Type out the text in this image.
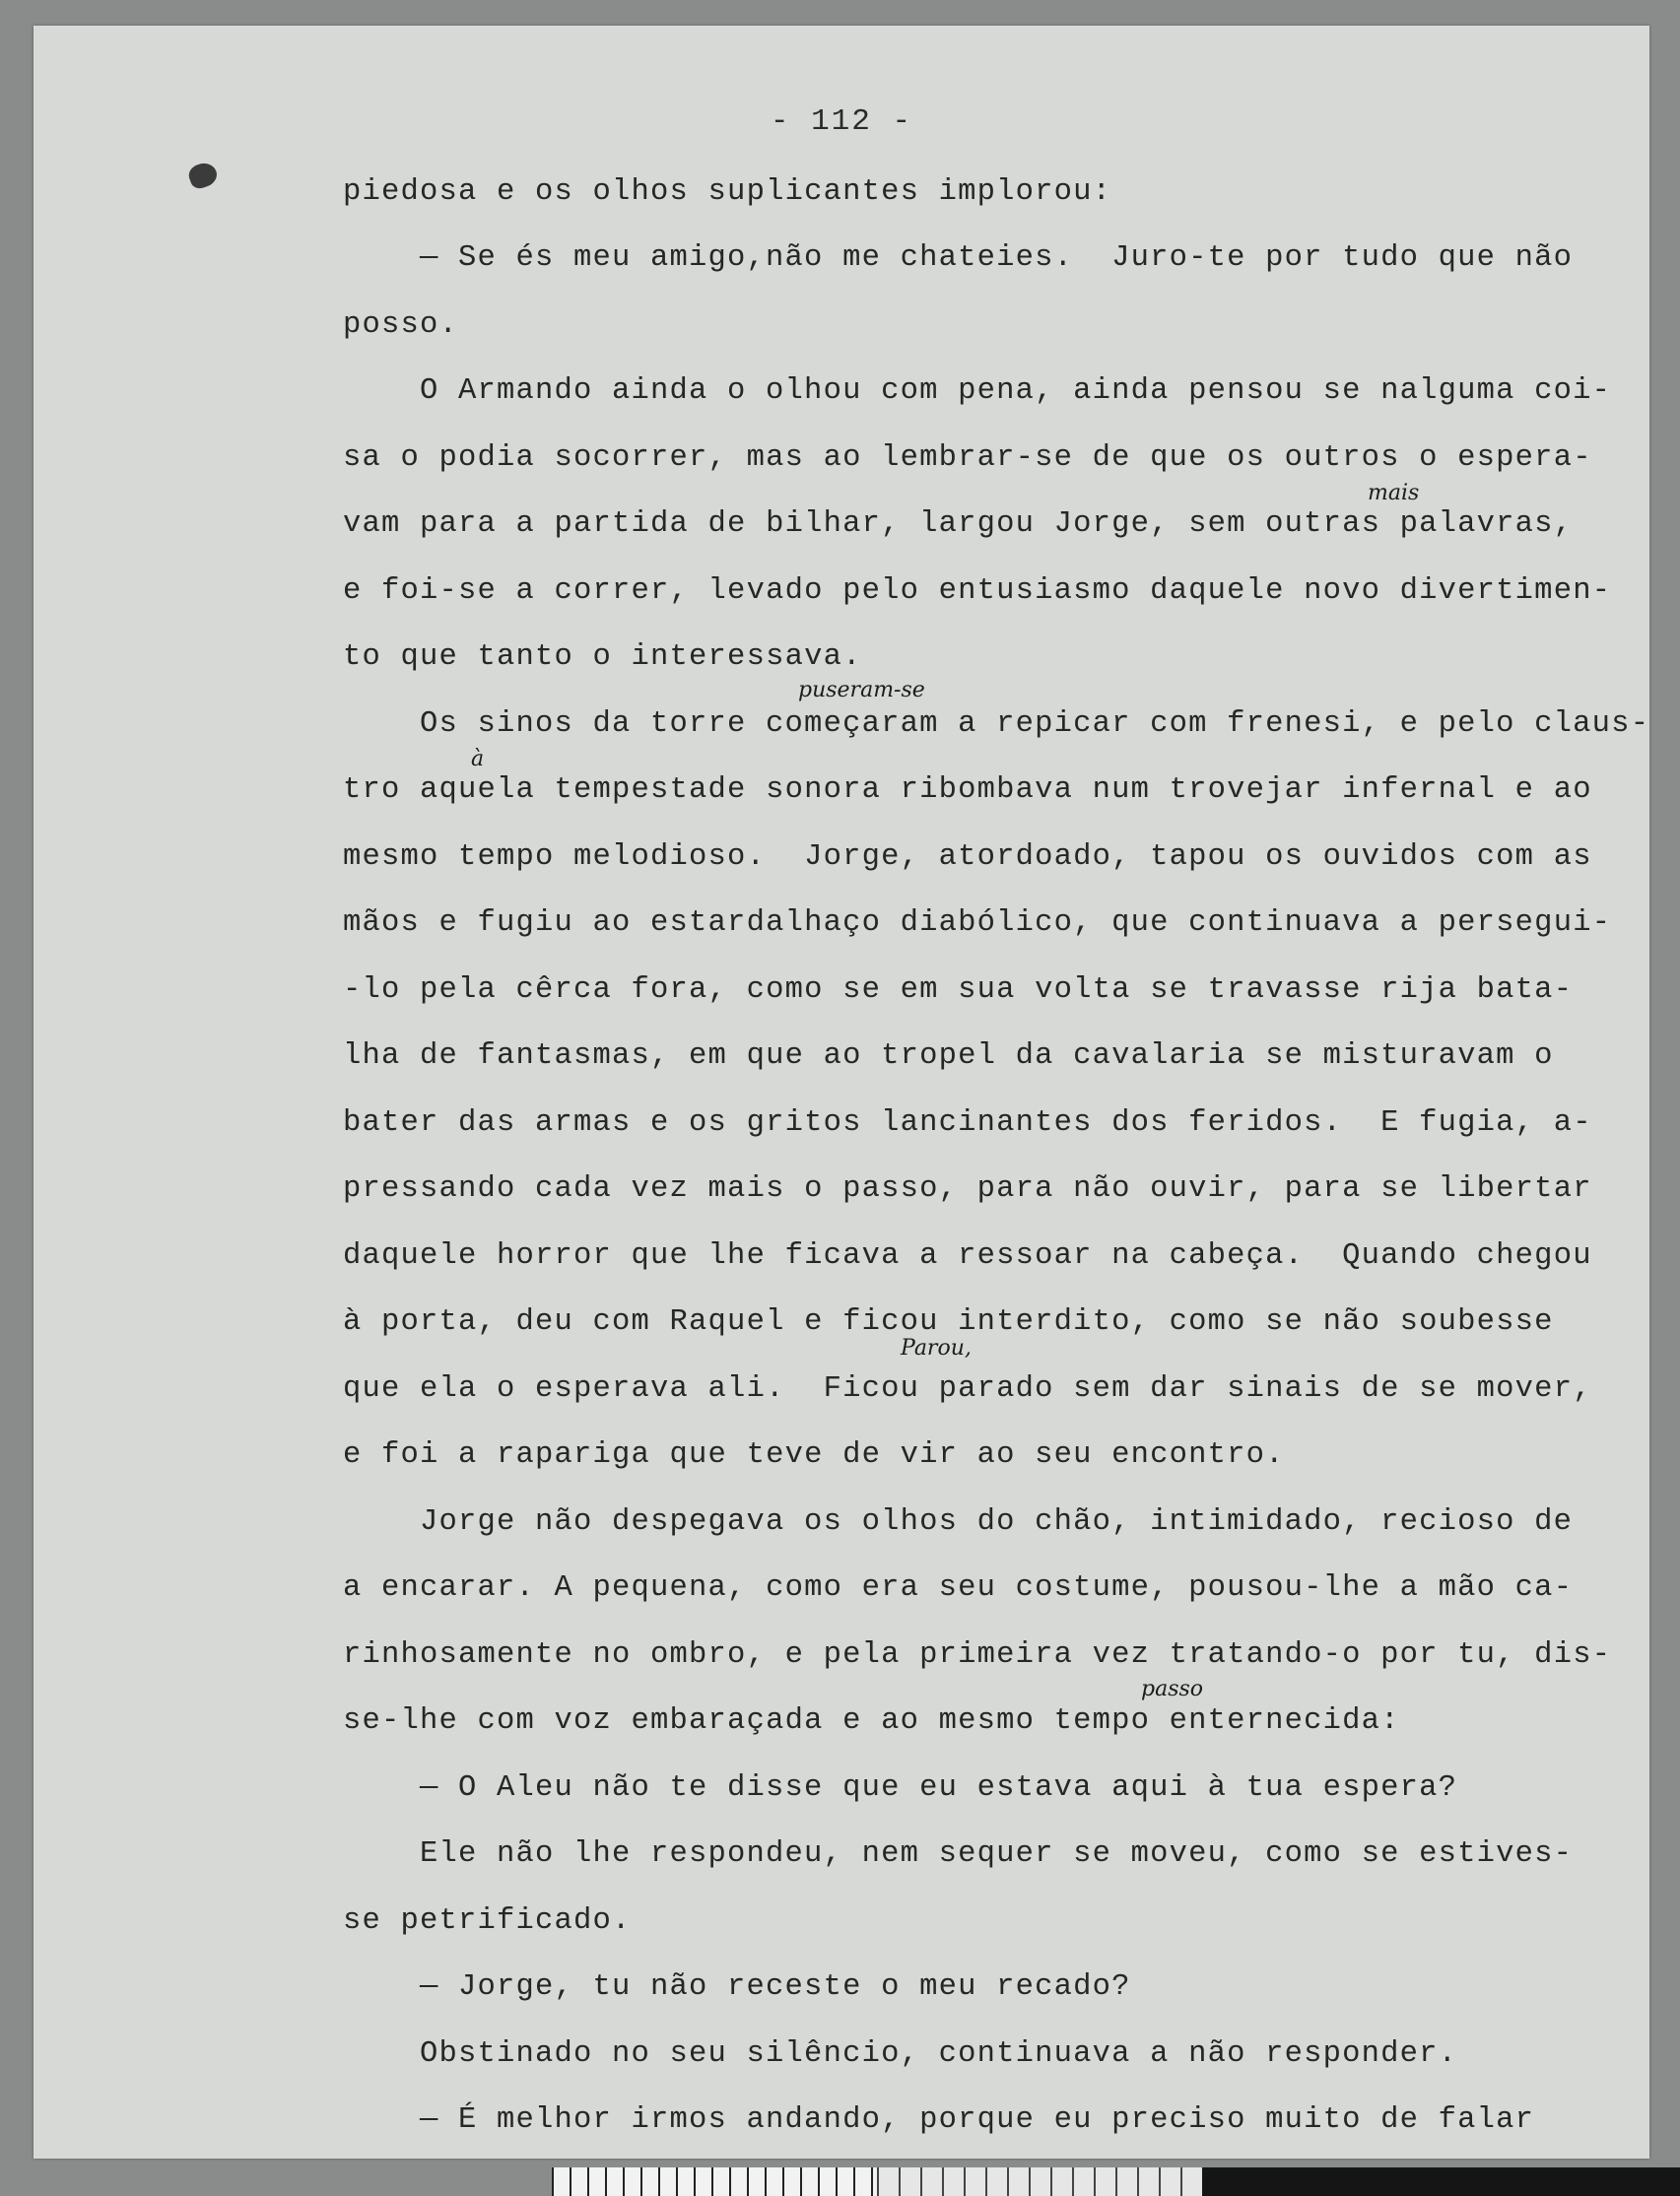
- 112 -
piedosa e os olhos suplicantes implorou:
— Se és meu amigo,não me chateies.  Juro-te por tudo que não
posso.
O Armando ainda o olhou com pena, ainda pensou se nalguma coi-
sa o podia socorrer, mas ao lembrar-se de que os outros o espera-
vam para a partida de bilhar, largou Jorge, sem outras palavras,
e foi-se a correr, levado pelo entusiasmo daquele novo divertimen-
to que tanto o interessava.
Os sinos da torre começaram a repicar com frenesi, e pelo claus-
tro aquela tempestade sonora ribombava num trovejar infernal e ao
mesmo tempo melodioso.  Jorge, atordoado, tapou os ouvidos com as
mãos e fugiu ao estardalhaço diabólico, que continuava a persegui-
-lo pela cêrca fora, como se em sua volta se travasse rija bata-
lha de fantasmas, em que ao tropel da cavalaria se misturavam o
bater das armas e os gritos lancinantes dos feridos.  E fugia, a-
pressando cada vez mais o passo, para não ouvir, para se libertar
daquele horror que lhe ficava a ressoar na cabeça.  Quando chegou
à porta, deu com Raquel e ficou interdito, como se não soubesse
que ela o esperava ali.  Ficou parado sem dar sinais de se mover,
e foi a rapariga que teve de vir ao seu encontro.
Jorge não despegava os olhos do chão, intimidado, recioso de
a encarar. A pequena, como era seu costume, pousou-lhe a mão ca-
rinhosamente no ombro, e pela primeira vez tratando-o por tu, dis-
se-lhe com voz embaraçada e ao mesmo tempo enternecida:
— O Aleu não te disse que eu estava aqui à tua espera?
Ele não lhe respondeu, nem sequer se moveu, como se estives-
se petrificado.
— Jorge, tu não receste o meu recado?
Obstinado no seu silêncio, continuava a não responder.
— É melhor irmos andando, porque eu preciso muito de falar
mais
puseram-se
à
Parou,
passo
